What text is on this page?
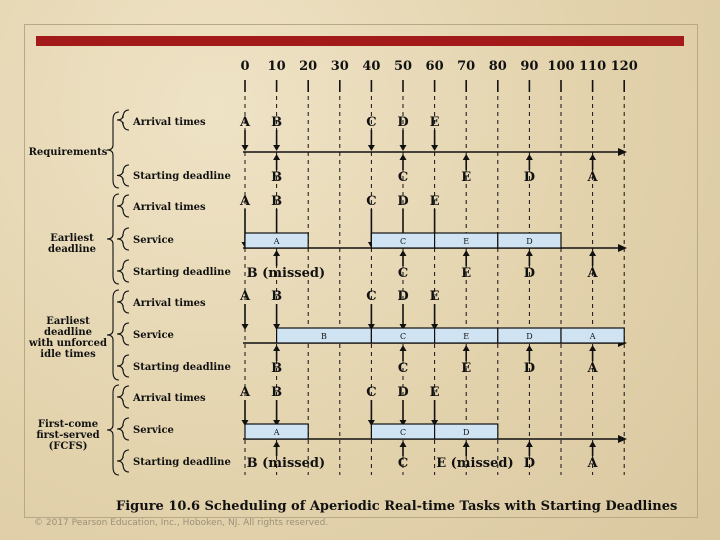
0 10 20 30 40 50 60 70 80 90 100 110 120
A B	C D E
B	C	E	D	A
A B	C D E
A	C	E	D
B (missed)	C	E	D	A
A B	C D E
B	C	E	D	A
B	C	E	D	A
A B	C D E
A	C	D
B (missed)	C E (missed) D	A
Arrival times
Starting deadline
Arrival times
Service
Starting deadline
Arrival times
Service
Starting deadline
Arrival times
Service
Starting deadline
Requirements
Earliest
deadline
Earliest
deadline
with unforced
idle times
First-come
first-served
(FCFS)
Figure 10.6 Scheduling of Aperiodic Real-time Tasks with Starting Deadlines
© 2017 Pearson Education, Inc., Hoboken, NJ. All rights reserved.
